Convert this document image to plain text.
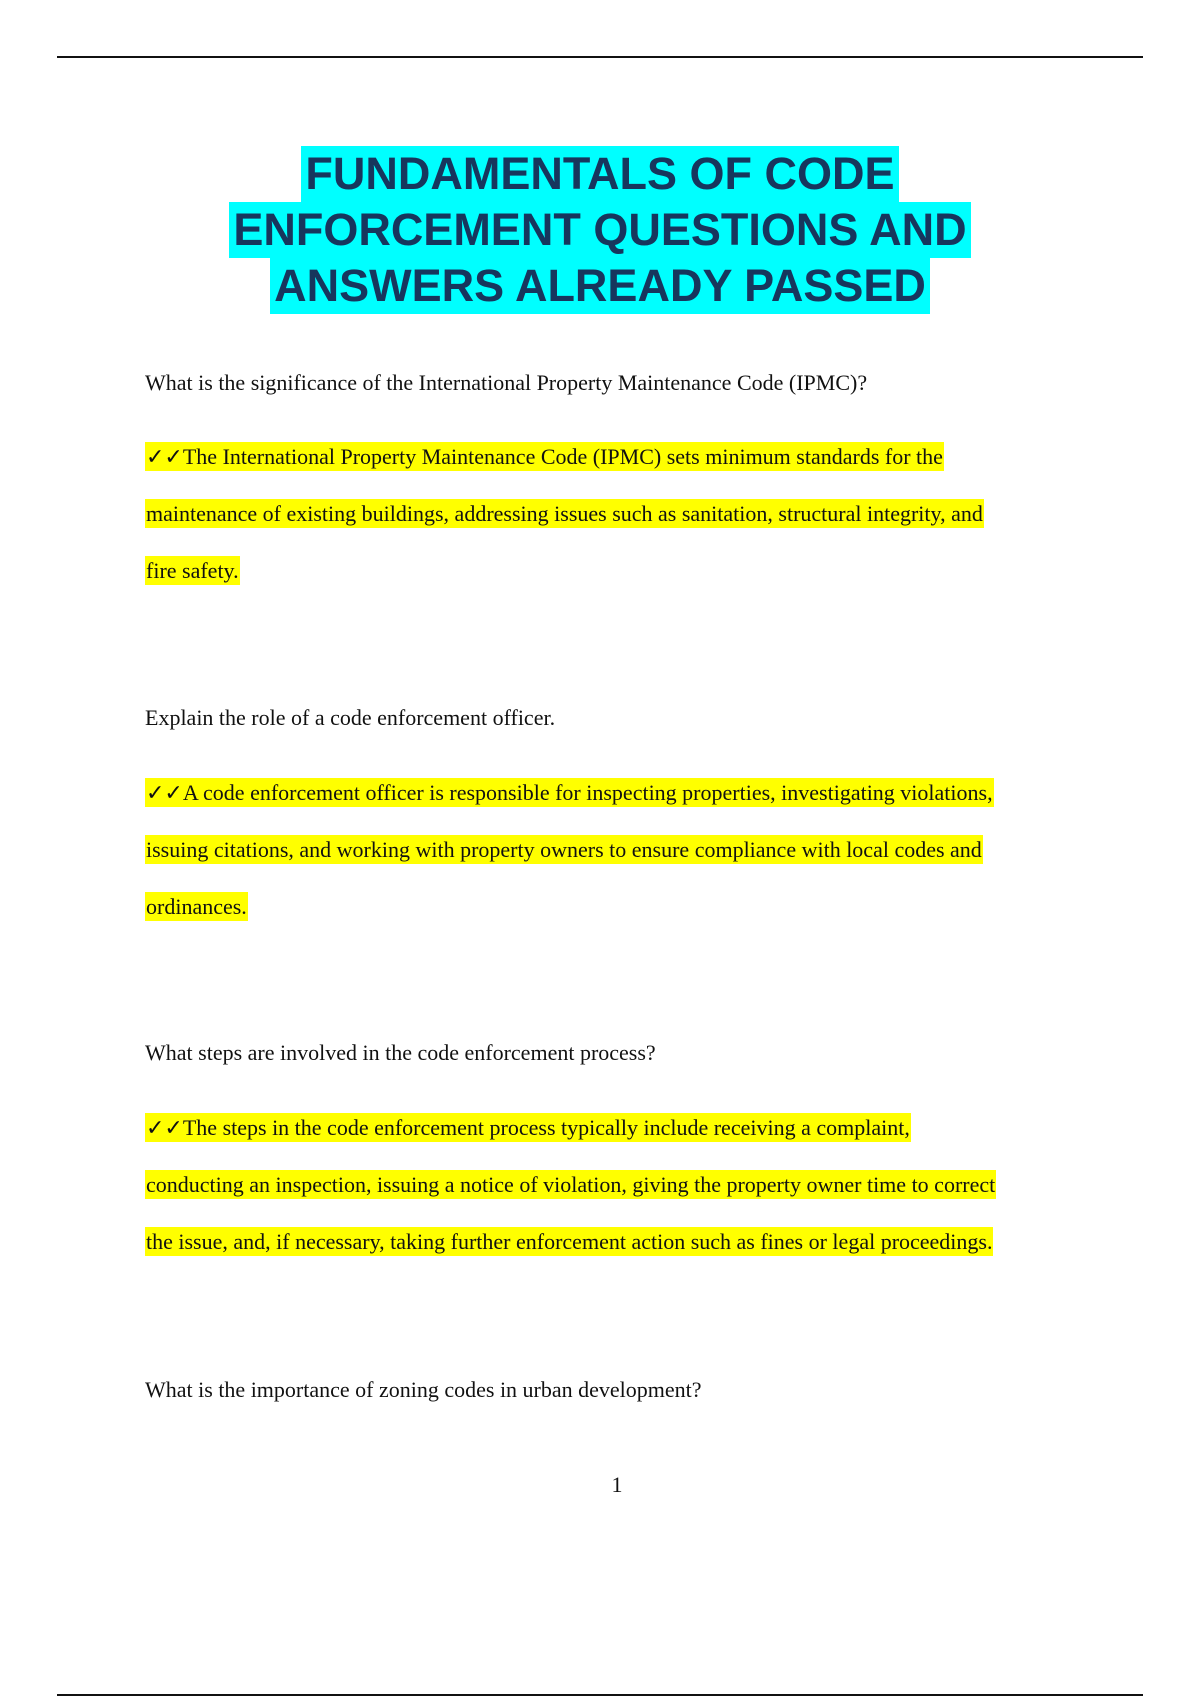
FUNDAMENTALS OF CODE
ENFORCEMENT QUESTIONS AND
ANSWERS ALREADY PASSED
What is the significance of the International Property Maintenance Code (IPMC)?
✓✓The International Property Maintenance Code (IPMC) sets minimum standards for the
maintenance of existing buildings, addressing issues such as sanitation, structural integrity, and
fire safety.
Explain the role of a code enforcement officer.
✓✓A code enforcement officer is responsible for inspecting properties, investigating violations,
issuing citations, and working with property owners to ensure compliance with local codes and
ordinances.
What steps are involved in the code enforcement process?
✓✓The steps in the code enforcement process typically include receiving a complaint,
conducting an inspection, issuing a notice of violation, giving the property owner time to correct
the issue, and, if necessary, taking further enforcement action such as fines or legal proceedings.
What is the importance of zoning codes in urban development?
1
